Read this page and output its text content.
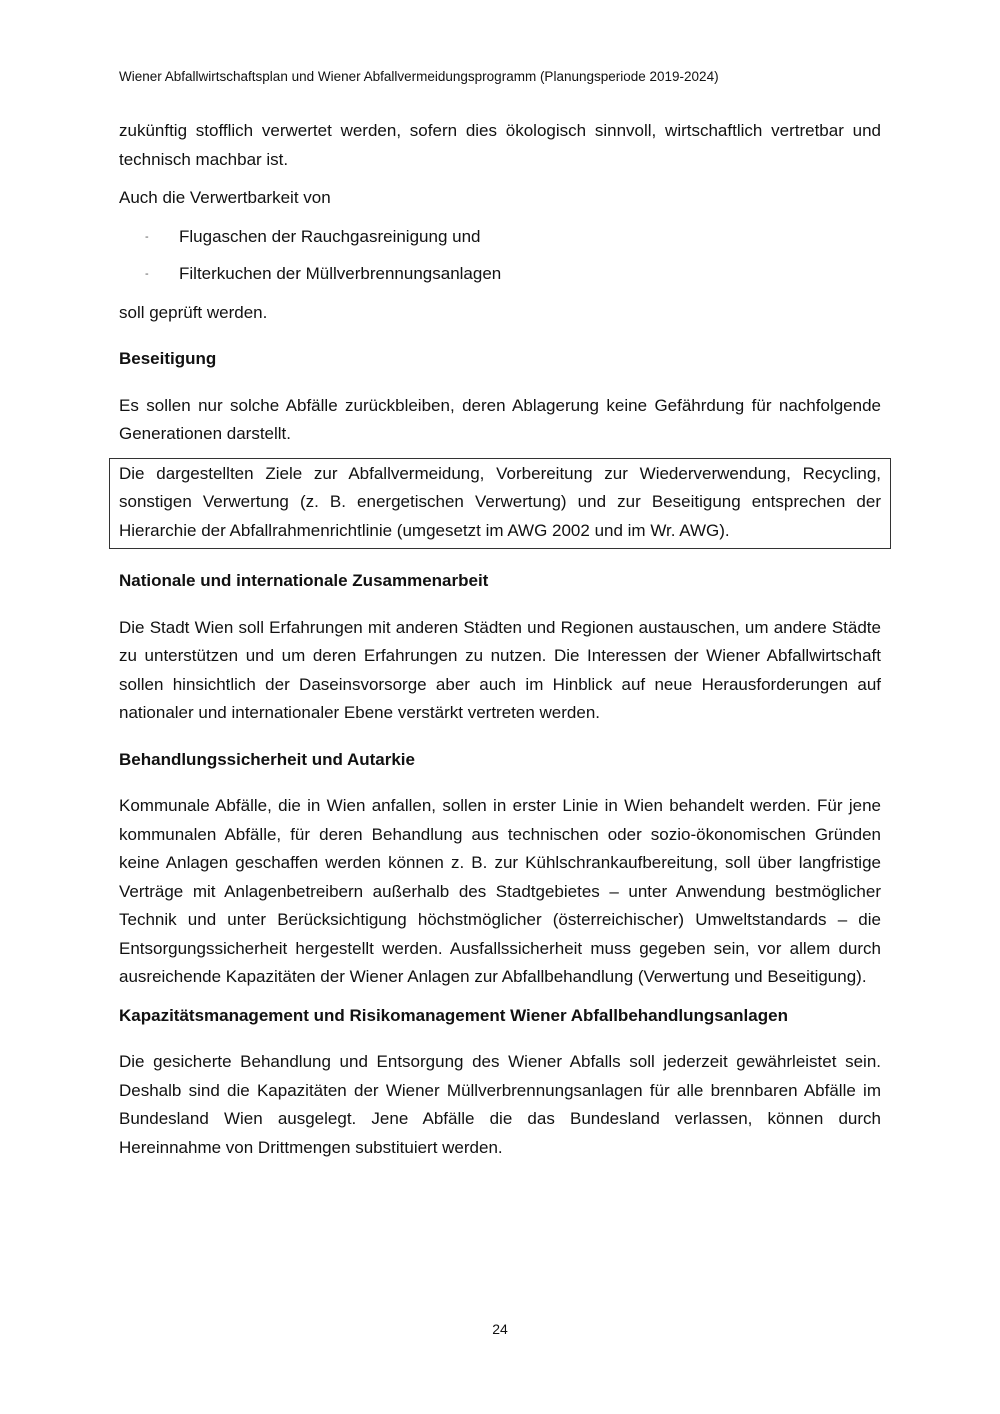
Wiener Abfallwirtschaftsplan und Wiener Abfallvermeidungsprogramm (Planungsperiode 2019-2024)

zukünftig stofflich verwertet werden, sofern dies ökologisch sinnvoll, wirtschaftlich vertretbar und technisch machbar ist.

Auch die Verwertbarkeit von

- Flugaschen der Rauchgasreinigung und
- Filterkuchen der Müllverbrennungsanlagen

soll geprüft werden.

Beseitigung

Es sollen nur solche Abfälle zurückbleiben, deren Ablagerung keine Gefährdung für nachfolgende Generationen darstellt.

Die dargestellten Ziele zur Abfallvermeidung, Vorbereitung zur Wiederverwendung, Recycling, sonstigen Verwertung (z. B. energetischen Verwertung) und zur Beseitigung entsprechen der Hierarchie der Abfallrahmenrichtlinie (umgesetzt im AWG 2002 und im Wr. AWG).

Nationale und internationale Zusammenarbeit

Die Stadt Wien soll Erfahrungen mit anderen Städten und Regionen austauschen, um andere Städte zu unterstützen und um deren Erfahrungen zu nutzen. Die Interessen der Wiener Abfallwirtschaft sollen hinsichtlich der Daseinsvorsorge aber auch im Hinblick auf neue Herausforderungen auf nationaler und internationaler Ebene verstärkt vertreten werden.

Behandlungssicherheit und Autarkie

Kommunale Abfälle, die in Wien anfallen, sollen in erster Linie in Wien behandelt werden. Für jene kommunalen Abfälle, für deren Behandlung aus technischen oder sozio-ökonomischen Gründen keine Anlagen geschaffen werden können z. B. zur Kühlschrankaufbereitung, soll über langfristige Verträge mit Anlagenbetreibern außerhalb des Stadtgebietes – unter Anwendung bestmöglicher Technik und unter Berücksichtigung höchstmöglicher (österreichischer) Umweltstandards – die Entsorgungssicherheit hergestellt werden. Ausfallssicherheit muss gegeben sein, vor allem durch ausreichende Kapazitäten der Wiener Anlagen zur Abfallbehandlung (Verwertung und Beseitigung).

Kapazitätsmanagement und Risikomanagement Wiener Abfallbehandlungsanlagen

Die gesicherte Behandlung und Entsorgung des Wiener Abfalls soll jederzeit gewährleistet sein. Deshalb sind die Kapazitäten der Wiener Müllverbrennungsanlagen für alle brennbaren Abfälle im Bundesland Wien ausgelegt. Jene Abfälle die das Bundesland verlassen, können durch Hereinnahme von Drittmengen substituiert werden.

24
